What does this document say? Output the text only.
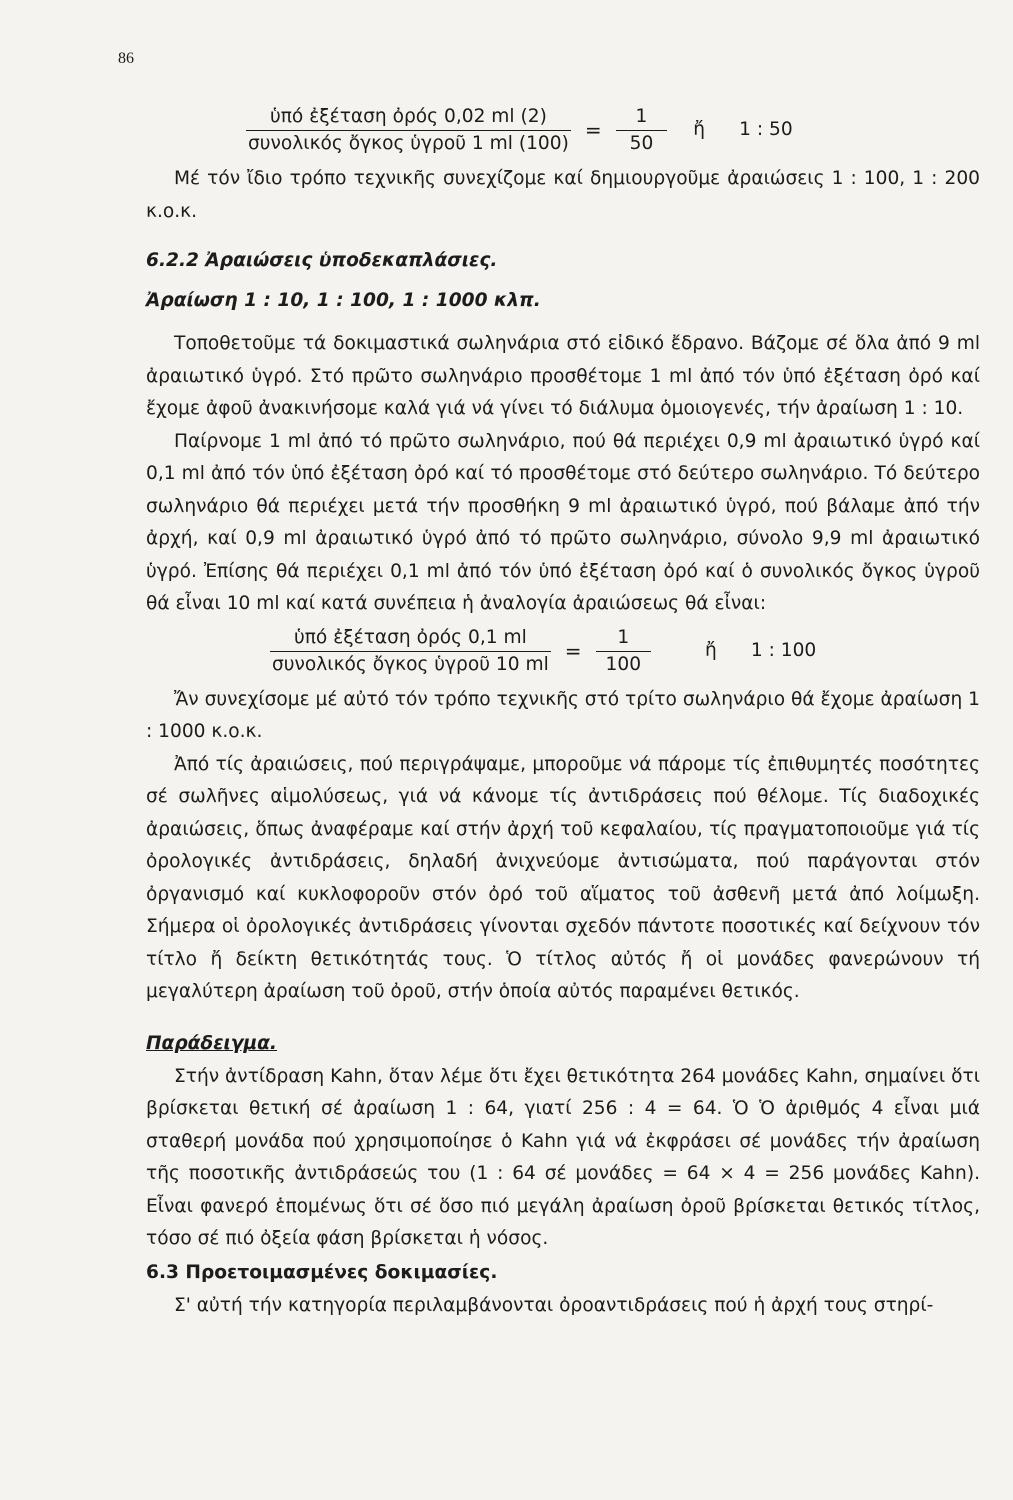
86
$\frac{\text{ὑπό ἐξέταση ὀρός 0,02 ml (2)}}{\text{συνολικός ὄγκος ὑγροῦ 1 ml (100)}} = \frac{1}{50}$ ἤ 1 : 50

Μέ τόν ἴδιο τρόπο τεχνικῆς συνεχίζομε καί δημιουργοῦμε ἀραιώσεις 1 : 100, 1 : 200 κ.ο.κ.

6.2.2 Ἀραιώσεις ὑποδεκαπλάσιες.

Ἀραίωση 1 : 10, 1 : 100, 1 : 1000 κλπ.

Τοποθετοῦμε τά δοκιμαστικά σωληνάρια στό εἰδικό ἔδρανο. Βάζομε σέ ὅλα ἀπό 9 ml ἀραιωτικό ὑγρό. Στό πρῶτο σωληνάριο προσθέτομε 1 ml ἀπό τόν ὑπό ἐξέταση ὀρό καί ἔχομε ἀφοῦ ἀνακινήσομε καλά γιά νά γίνει τό διάλυμα ὁμοιογενές, τήν ἀραίωση 1 : 10.

Παίρνομε 1 ml ἀπό τό πρῶτο σωληνάριο, πού θά περιέχει 0,9 ml ἀραιωτικό ὑγρό καί 0,1 ml ἀπό τόν ὑπό ἐξέταση ὀρό καί τό προσθέτομε στό δεύτερο σωληνάριο. Τό δεύτερο σωληνάριο θά περιέχει μετά τήν προσθήκη 9 ml ἀραιωτικό ὑγρό, πού βάλαμε ἀπό τήν ἀρχή, καί 0,9 ml ἀραιωτικό ὑγρό ἀπό τό πρῶτο σωληνάριο, σύνολο 9,9 ml ἀραιωτικό ὑγρό. Ἐπίσης θά περιέχει 0,1 ml ἀπό τόν ὑπό ἐξέταση ὀρό καί ὁ συνολικός ὄγκος ὑγροῦ θά εἶναι 10 ml καί κατά συνέπεια ἡ ἀναλογία ἀραιώσεως θά εἶναι:

$\frac{\text{ὑπό ἐξέταση ὀρός 0,1 ml}}{\text{συνολικός ὄγκος ὑγροῦ 10 ml}} = \frac{1}{100}$	ἤ 1 : 100

Ἄν συνεχίσομε μέ αὐτό τόν τρόπο τεχνικῆς στό τρίτο σωληνάριο θά ἔχομε ἀραίωση 1 : 1000 κ.ο.κ.

Ἀπό τίς ἀραιώσεις, πού περιγράψαμε, μποροῦμε νά πάρομε τίς ἐπιθυμητές ποσότητες σέ σωλῆνες αἱμολύσεως, γιά νά κάνομε τίς ἀντιδράσεις πού θέλομε. Τίς διαδοχικές ἀραιώσεις, ὅπως ἀναφέραμε καί στήν ἀρχή τοῦ κεφαλαίου, τίς πραγματοποιοῦμε γιά τίς ὀρολογικές ἀντιδράσεις, δηλαδή ἀνιχνεύομε ἀντισώματα, πού παράγονται στόν ὀργανισμό καί κυκλοφοροῦν στόν ὀρό τοῦ αἵματος τοῦ ἀσθενῆ μετά ἀπό λοίμωξη. Σήμερα οἱ ὀρολογικές ἀντιδράσεις γίνονται σχεδόν πάντοτε ποσοτικές καί δείχνουν τόν τίτλο ἤ δείκτη θετικότητάς τους. Ὁ τίτλος αὐτός ἤ οἱ μονάδες φανερώνουν τή μεγαλύτερη ἀραίωση τοῦ ὀροῦ, στήν ὁποία αὐτός παραμένει θετικός.

Παράδειγμα.

Στήν ἀντίδραση Kahn, ὅταν λέμε ὅτι ἔχει θετικότητα 264 μονάδες Kahn, σημαίνει ὅτι βρίσκεται θετική σέ ἀραίωση 1 : 64, γιατί 256 : 4 = 64. Ὁ Ὁ ἀριθμός 4 εἶναι μιά σταθερή μονάδα πού χρησιμοποίησε ὁ Kahn γιά νά ἐκφράσει σέ μονάδες τήν ἀραίωση τῆς ποσοτικῆς ἀντιδράσεώς του (1 : 64 σέ μονάδες = 64 × 4 = 256 μονάδες Kahn). Εἶναι φανερό ἑπομένως ὅτι σέ ὅσο πιό μεγάλη ἀραίωση ὀροῦ βρίσκεται θετικός τίτλος, τόσο σέ πιό ὀξεία φάση βρίσκεται ἡ νόσος.

6.3 Προετοιμασμένες δοκιμασίες.

Σ' αὐτή τήν κατηγορία περιλαμβάνονται ὀροαντιδράσεις πού ἡ ἀρχή τους στηρί-
